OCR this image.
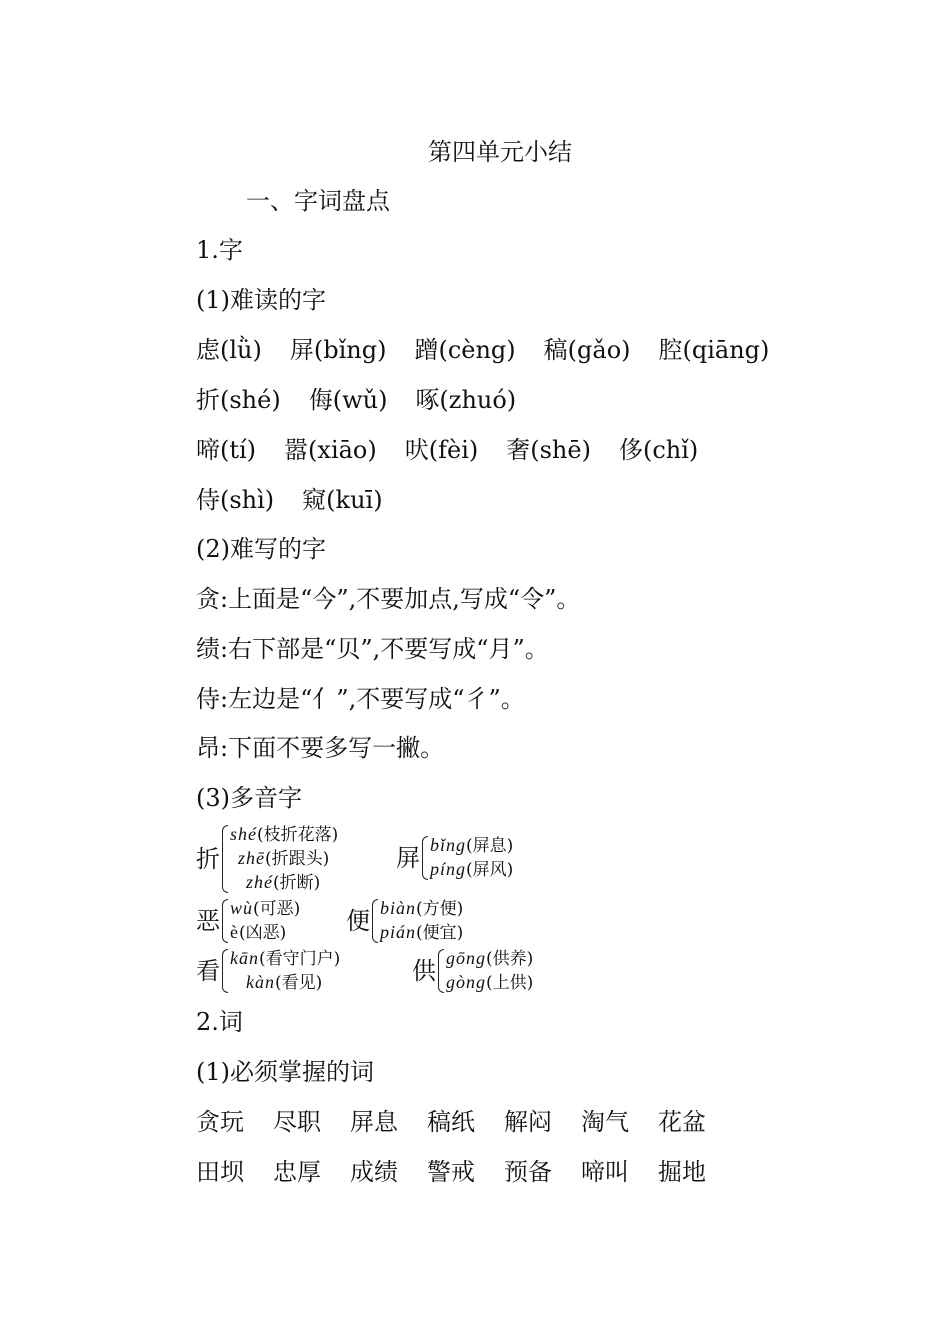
第四单元小结
一、字词盘点
1.字
(1)难读的字
虑(lǜ) 屏(bǐng) 蹭(cèng) 稿(gǎo) 腔(qiāng)
折(shé) 侮(wǔ) 啄(zhuó)
啼(tí) 嚣(xiāo) 吠(fèi) 奢(shē) 侈(chǐ)
侍(shì) 窥(kuī)
(2)难写的字
贪:上面是“今”,不要加点,写成“令”。
绩:右下部是“贝”,不要写成“月”。
侍:左边是“亻”,不要写成“彳”。
昂:下面不要多写一撇。
(3)多音字
折
shé(枝折花落)
zhē(折跟头)
zhé(折断)
屏 bǐng(屏息)
píng(屏风)
恶 wù(可恶)
è(凶恶)	便 biàn(方便)
pián(便宜)
看 kān(看守门户)
kàn(看见)	供 gōng(供养)
gòng(上供)
2.词
(1)必须掌握的词
贪玩 尽职 屏息 稿纸 解闷 淘气 花盆
田坝 忠厚 成绩 警戒 预备 啼叫 掘地
